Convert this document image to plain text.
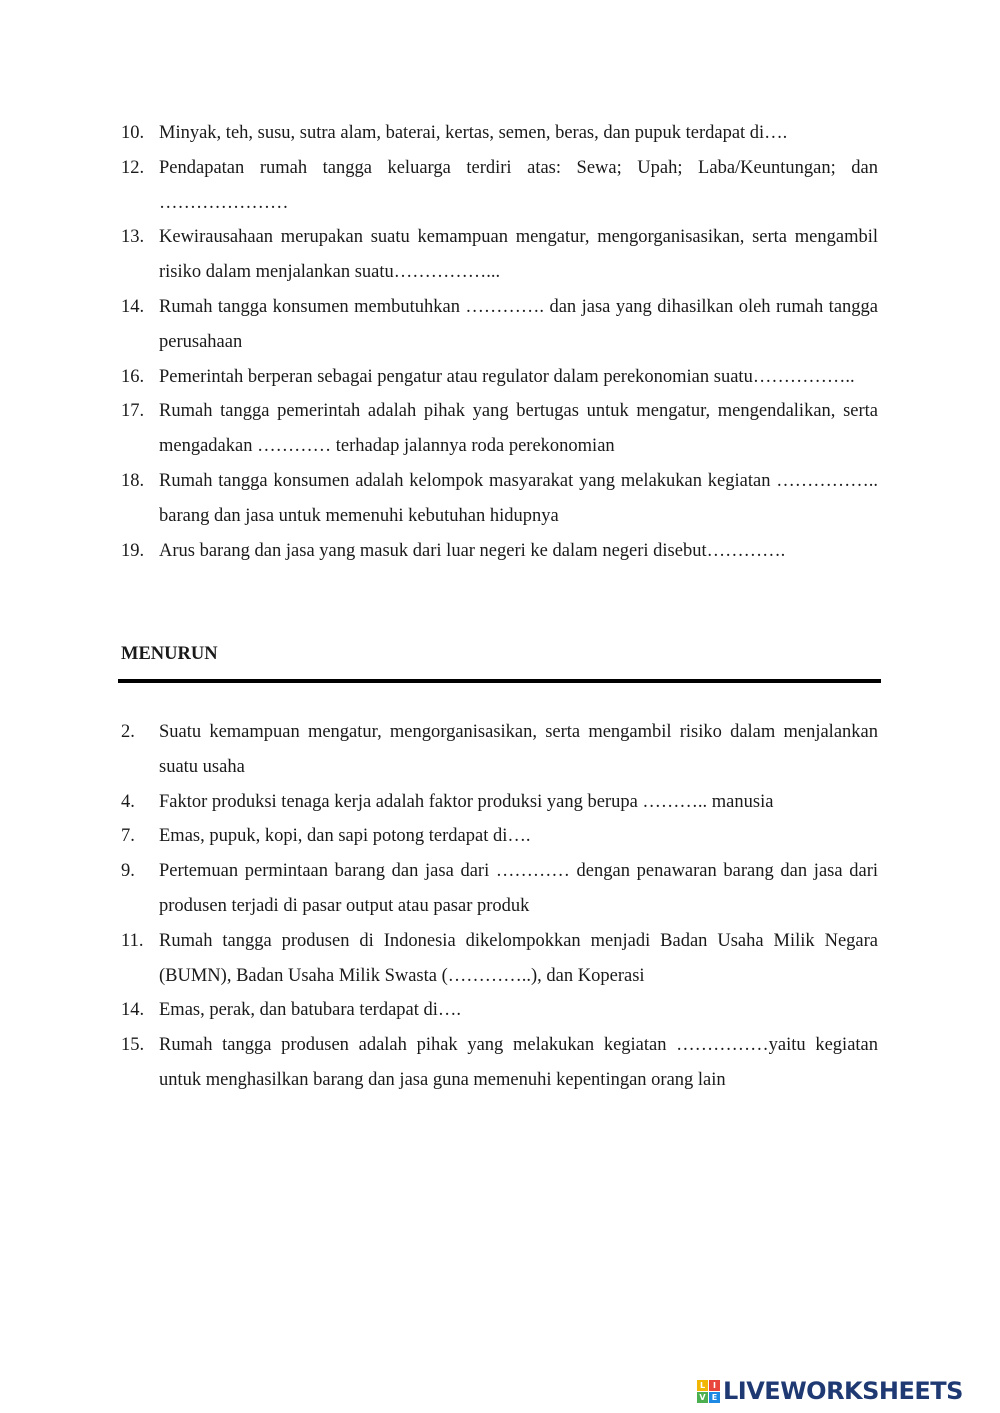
10. Minyak, teh, susu, sutra alam, baterai, kertas, semen, beras, dan pupuk terdapat di….
12. Pendapatan rumah tangga keluarga terdiri atas: Sewa; Upah; Laba/Keuntungan; dan …………………
13. Kewirausahaan merupakan suatu kemampuan mengatur, mengorganisasikan, serta mengambil risiko dalam menjalankan suatu……………...
14. Rumah tangga konsumen membutuhkan …………. dan jasa yang dihasilkan oleh rumah tangga perusahaan
16. Pemerintah berperan sebagai pengatur atau regulator dalam perekonomian suatu……………..
17. Rumah tangga pemerintah adalah pihak yang bertugas untuk mengatur, mengendalikan, serta mengadakan ………… terhadap jalannya roda perekonomian
18. Rumah tangga konsumen adalah kelompok masyarakat yang melakukan kegiatan …………….. barang dan jasa untuk memenuhi kebutuhan hidupnya
19. Arus barang dan jasa yang masuk dari luar negeri ke dalam negeri disebut………….
MENURUN
2.	Suatu kemampuan mengatur, mengorganisasikan, serta mengambil risiko dalam menjalankan suatu usaha
4.	Faktor produksi tenaga kerja adalah faktor produksi yang berupa ……….. manusia
7.	Emas, pupuk, kopi, dan sapi potong terdapat di….
9.	Pertemuan permintaan barang dan jasa dari ………… dengan penawaran barang dan jasa dari produsen terjadi di pasar output atau pasar produk
11. Rumah tangga produsen di Indonesia dikelompokkan menjadi Badan Usaha Milik Negara (BUMN), Badan Usaha Milik Swasta (…………..), dan Koperasi
14. Emas, perak, dan batubara terdapat di….
15. Rumah tangga produsen adalah pihak yang melakukan kegiatan ……………yaitu kegiatan untuk menghasilkan barang dan jasa guna memenuhi kepentingan orang lain
L I
V E LIVEWORKSHEETS
